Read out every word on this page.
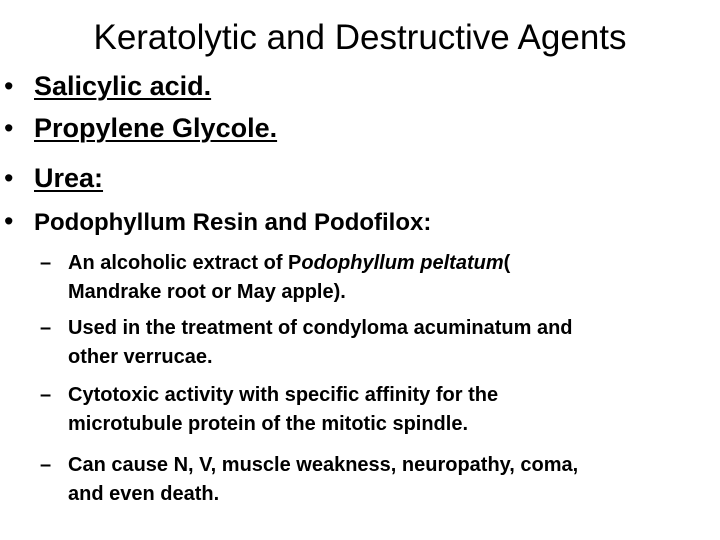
Keratolytic and Destructive Agents
• Salicylic acid.
• Propylene Glycole.
• Urea:
• Podophyllum Resin and Podofilox:
– An alcoholic extract of Podophyllum peltatum(
Mandrake root or May apple).
– Used in the treatment of condyloma acuminatum and
other verrucae.
– Cytotoxic activity with specific affinity for the
microtubule protein of the mitotic spindle.
– Can cause N, V, muscle weakness, neuropathy, coma,
and even death.
